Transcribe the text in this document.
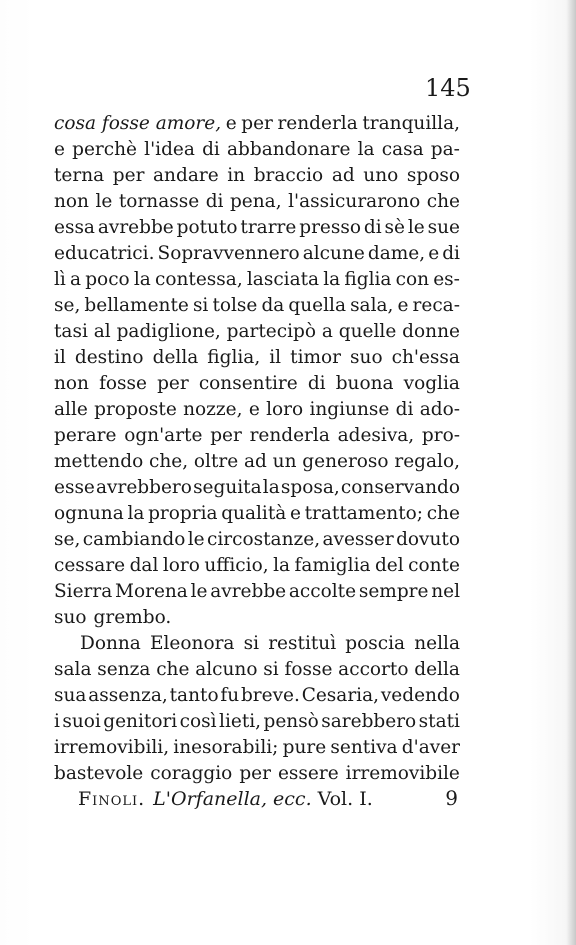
145
cosa fosse amore, e per renderla tranquilla,
e perchè l'idea di abbandonare la casa pa-
terna per andare in braccio ad uno sposo
non le tornasse di pena, l'assicurarono che
essa avrebbe potuto trarre presso di sè le sue
educatrici. Sopravvennero alcune dame, e di
lì a poco la contessa, lasciata la figlia con es-
se, bellamente si tolse da quella sala, e reca-
tasi al padiglione, partecipò a quelle donne
il destino della figlia, il timor suo ch'essa
non fosse per consentire di buona voglia
alle proposte nozze, e loro ingiunse di ado-
perare ogn'arte per renderla adesiva, pro-
mettendo che, oltre ad un generoso regalo,
esse avrebbero seguita la sposa, conservando
ognuna la propria qualità e trattamento; che
se, cambiando le circostanze, avesser dovuto
cessare dal loro ufficio, la famiglia del conte
Sierra Morena le avrebbe accolte sempre nel
suo grembo.
Donna Eleonora si restituì poscia nella
sala senza che alcuno si fosse accorto della
sua assenza, tanto fu breve. Cesaria, vedendo
i suoi genitori così lieti, pensò sarebbero stati
irremovibili, inesorabili; pure sentiva d'aver
bastevole coraggio per essere irremovibile
Finoli. L'Orfanella, ecc. Vol. I.	9
